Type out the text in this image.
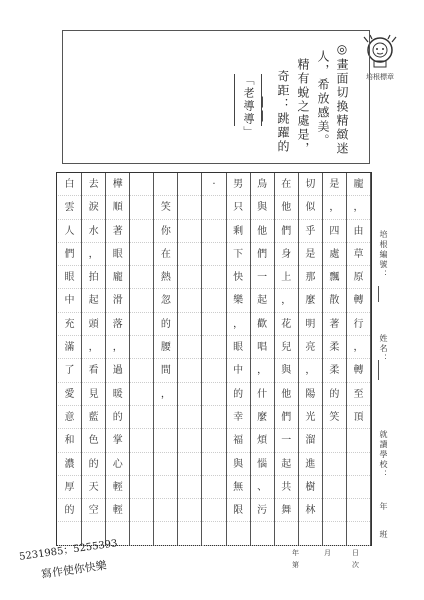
培根標章
◎畫面切換精緻迷
人，希放感美。
精有蛻之處是，
奇距：跳躍的
——
「老導導」
培根編號：
姓名：
就讀學校：
年
班
龐
，
由
草
原
轉
行
，
轉
至
頂
是
，
四
處
飄
散
著
柔
柔
的
笑
切
似
乎
是
那
麼
明
亮
，
陽
光
溜
進
樹
林
在
他
們
身
上
，
花
兒
與
他
們
一
起
共
舞
鳥
與
他
們
一
起
歡
唱
，
什
麼
煩
惱
、
污
男
只
剩
下
快
樂
，
眼
中
的
幸
福
與
無
限
‧
笑
你
在
熱
忽
的
腰
間
，
樺
順
著
眼
龐
滑
落
，
過
暖
的
掌
心
輕
輕
去
淚
水
，
拍
起
頭
，
看
見
藍
色
的
天
空
白
雲
人
們
眼
中
充
滿
了
愛
意
和
濃
厚
的
年	月	日
第	次
5231985；5255393
寫作使你快樂
